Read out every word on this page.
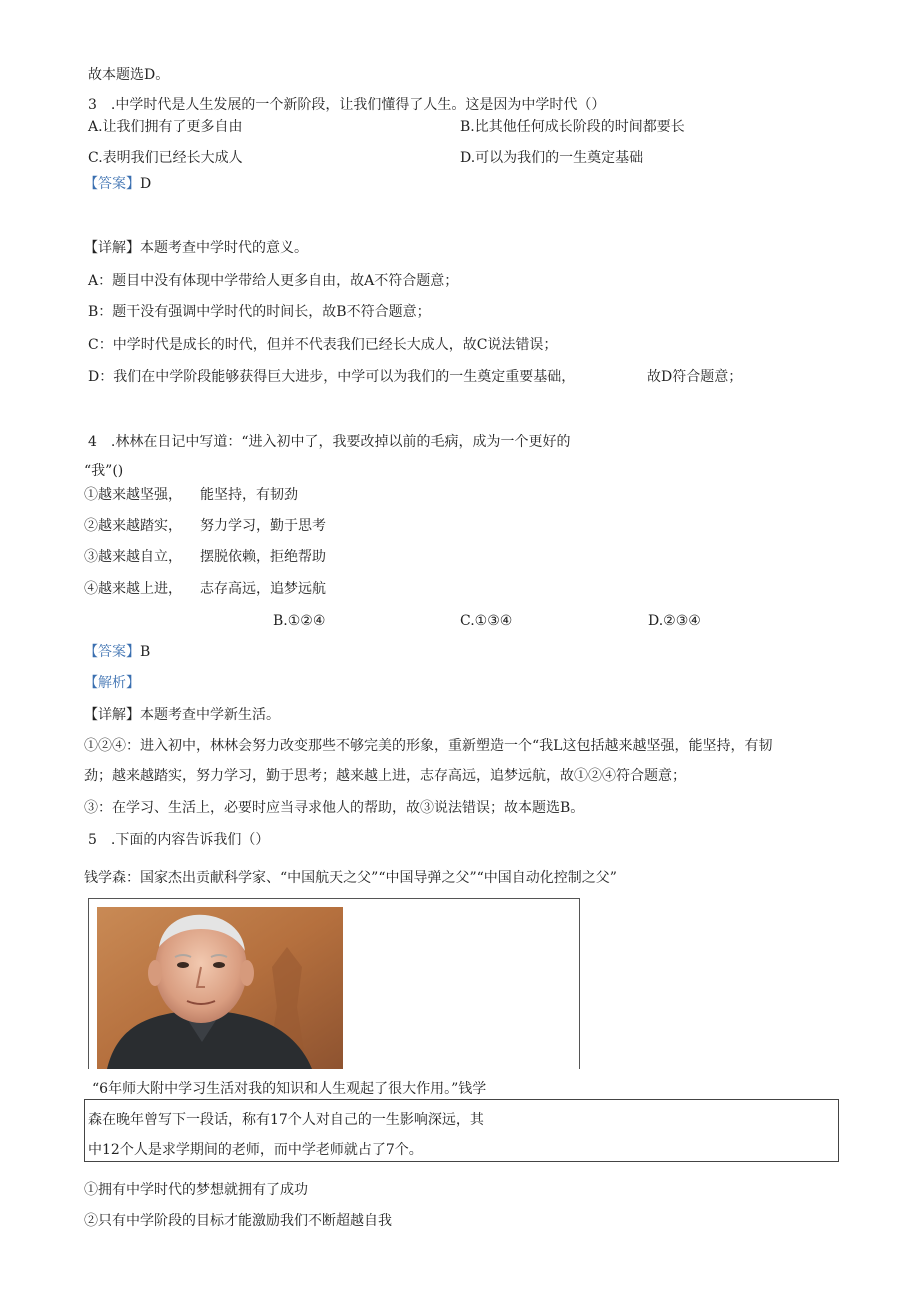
故本题选D。
3　.中学时代是人生发展的一个新阶段，让我们懂得了人生。这是因为中学时代（）
A.让我们拥有了更多自由	B.比其他任何成长阶段的时间都要长
C.表明我们已经长大成人	D.可以为我们的一生奠定基础
【答案】D
【详解】本题考查中学时代的意义。
A：题目中没有体现中学带给人更多自由，故A不符合题意；
B：题干没有强调中学时代的时间长，故B不符合题意；
C：中学时代是成长的时代，但并不代表我们已经长大成人，故C说法错误；
D：我们在中学阶段能够获得巨大进步，中学可以为我们的一生奠定重要基础，	故D符合题意；
4　.林林在日记中写道：“进入初中了，我要改掉以前的毛病，成为一个更好的
“我”()
①越来越坚强， 能坚持，有韧劲
②越来越踏实， 努力学习，勤于思考
③越来越自立， 摆脱依赖，拒绝帮助
④越来越上进， 志存高远，追梦远航
B.①②④	C.①③④	D.②③④
【答案】B
【解析】
【详解】本题考查中学新生活。
①②④：进入初中，林林会努力改变那些不够完美的形象，重新塑造一个“我L这包括越来越坚强，能坚持，有韧
劲；越来越踏实，努力学习，勤于思考；越来越上进，志存高远，追梦远航，故①②④符合题意；
③：在学习、生活上，必要时应当寻求他人的帮助，故③说法错误；故本题选B。
5　.下面的内容告诉我们（）
钱学森：国家杰出贡献科学家、“中国航天之父”“中国导弹之父”“中国自动化控制之父”
“6年师大附中学习生活对我的知识和人生观起了很大作用。”钱学
森在晚年曾写下一段话，称有17个人对自己的一生影响深远，其
中12个人是求学期间的老师，而中学老师就占了7个。
①拥有中学时代的梦想就拥有了成功
②只有中学阶段的目标才能激励我们不断超越自我
